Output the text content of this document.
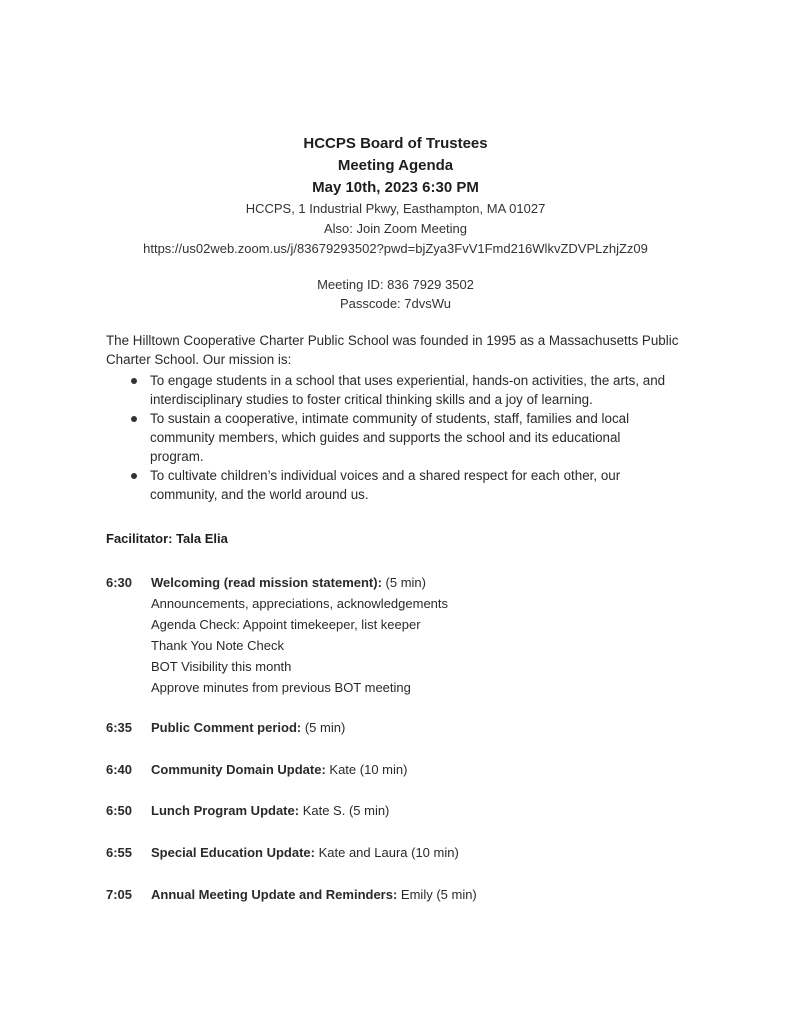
HCCPS Board of Trustees
Meeting Agenda
May 10th, 2023 6:30 PM
HCCPS, 1 Industrial Pkwy, Easthampton, MA 01027
Also: Join Zoom Meeting
https://us02web.zoom.us/j/83679293502?pwd=bjZya3FvV1Fmd216WlkvZDVPLzhjZz09
Meeting ID: 836 7929 3502
Passcode: 7dvsWu

The Hilltown Cooperative Charter Public School was founded in 1995 as a Massachusetts Public Charter School. Our mission is:

To engage students in a school that uses experiential, hands-on activities, the arts, and interdisciplinary studies to foster critical thinking skills and a joy of learning.
To sustain a cooperative, intimate community of students, staff, families and local community members, which guides and supports the school and its educational program.
To cultivate children’s individual voices and a shared respect for each other, our community, and the world around us.
Facilitator: Tala Elia
6:30 Welcoming (read mission statement): (5 min)
Announcements, appreciations, acknowledgements
Agenda Check: Appoint timekeeper, list keeper
Thank You Note Check
BOT Visibility this month
Approve minutes from previous BOT meeting
6:35 Public Comment period: (5 min)
6:40 Community Domain Update: Kate (10 min)
6:50 Lunch Program Update: Kate S. (5 min)
6:55 Special Education Update: Kate and Laura (10 min)
7:05 Annual Meeting Update and Reminders: Emily (5 min)
